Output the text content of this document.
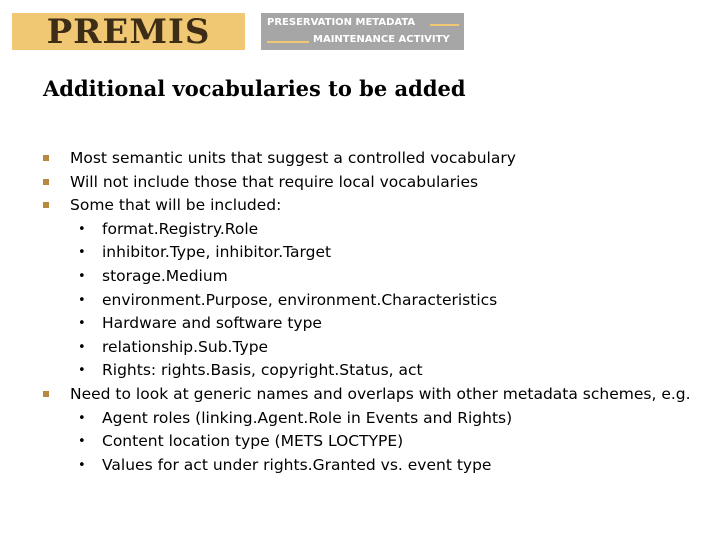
PREMIS	PRESERVATION METADATA
MAINTENANCE ACTIVITY
Additional vocabularies to be added
Most semantic units that suggest a controlled vocabulary
Will not include those that require local vocabularies
Some that will be included:
• format.Registry.Role
• inhibitor.Type, inhibitor.Target
• storage.Medium
• environment.Purpose, environment.Characteristics
• Hardware and software type
• relationship.Sub.Type
• Rights: rights.Basis, copyright.Status, act
Need to look at generic names and overlaps with other metadata schemes, e.g.
• Agent roles (linking.Agent.Role in Events and Rights)
• Content location type (METS LOCTYPE)
• Values for act under rights.Granted vs. event type
